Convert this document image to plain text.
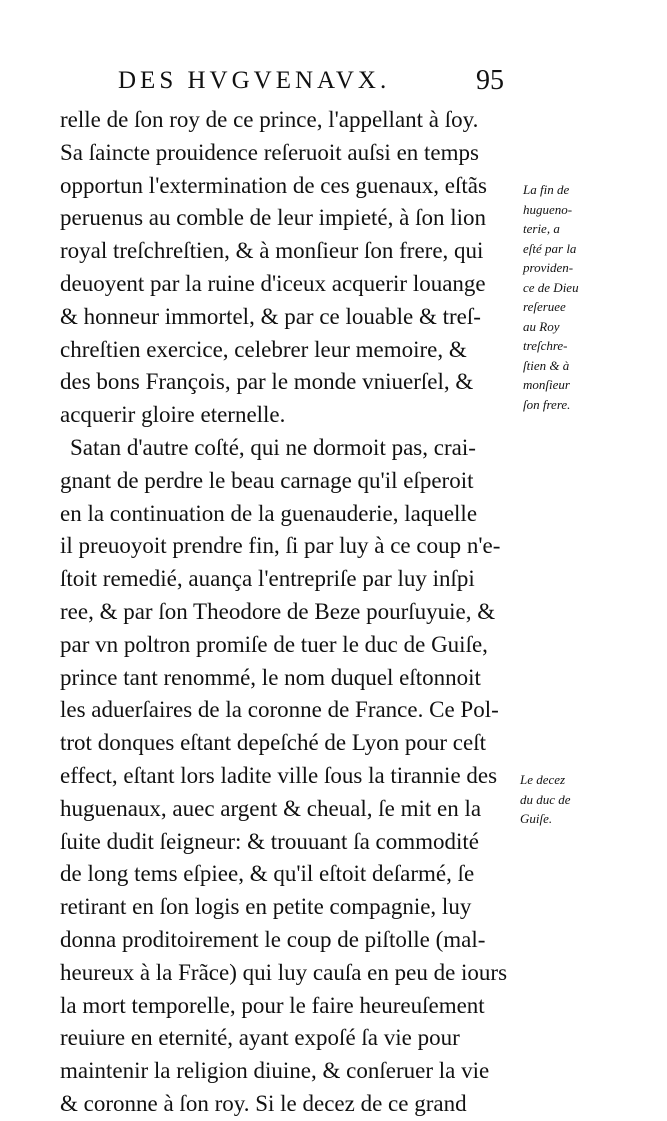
DES HVGVENAVX.	95
relle de ſon roy de ce prince, l'appellant à ſoy.
Sa ſaincte prouidence reſeruoit auſsi en temps
opportun l'extermination de ces guenaux, eſtãs
peruenus au comble de leur impieté, à ſon lion
royal treſchreſtien, & à monſieur ſon frere, qui
deuoyent par la ruine d'iceux acquerir louange
& honneur immortel, & par ce louable & treſ-
chreſtien exercice, celebrer leur memoire, &
des bons François, par le monde vniuerſel, &
acquerir gloire eternelle.
Satan d'autre coſté, qui ne dormoit pas, crai-
gnant de perdre le beau carnage qu'il eſperoit
en la continuation de la guenauderie, laquelle
il preuoyoit prendre fin, ſi par luy à ce coup n'e-
ſtoit remedié, auança l'entrepriſe par luy inſpi
ree, & par ſon Theodore de Beze pourſuyuie, &
par vn poltron promiſe de tuer le duc de Guiſe,
prince tant renommé, le nom duquel eſtonnoit
les aduerſaires de la coronne de France. Ce Pol-
trot donques eſtant depeſché de Lyon pour ceſt
effect, eſtant lors ladite ville ſous la tirannie des
huguenaux, auec argent & cheual, ſe mit en la
ſuite dudit ſeigneur: & trouuant ſa commodité
de long tems eſpiee, & qu'il eſtoit deſarmé, ſe
retirant en ſon logis en petite compagnie, luy
donna proditoirement le coup de piſtolle (mal-
heureux à la Frãce) qui luy cauſa en peu de iours
la mort temporelle, pour le faire heureuſement
reuiure en eternité, ayant expoſé ſa vie pour
maintenir la religion diuine, & conſeruer la vie
& coronne à ſon roy. Si le decez de ce grand
La fin de
hugueno-
terie, a
eſté par la
providen-
ce de Dieu
reſeruee
au Roy
treſchre-
ſtien & à
monſieur
ſon frere.
Le decez
du duc de
Guiſe.
